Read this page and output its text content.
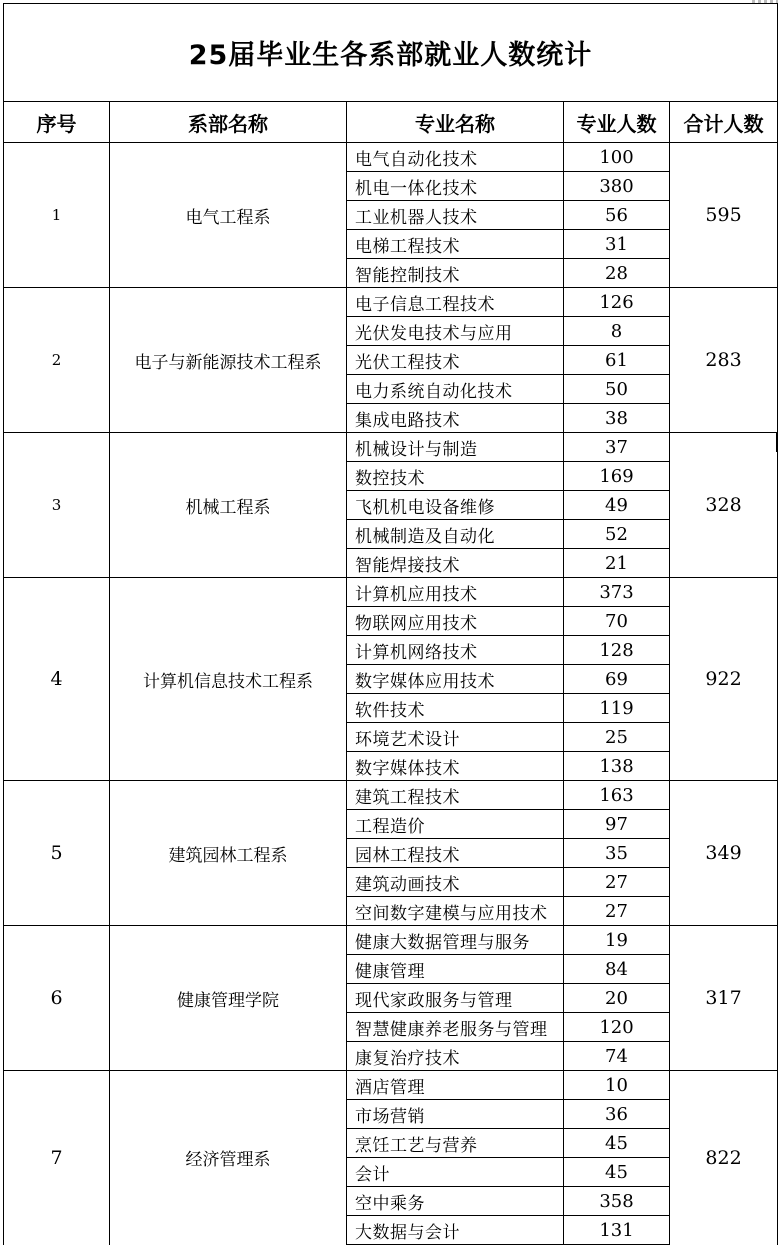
25届毕业生各系部就业人数统计				
序号	系部名称	专业名称	专业人数	合计人数
1	电气工程系	电气自动化技术	100	595
		机电一体化技术	380	
		工业机器人技术	56	
		电梯工程技术	31	
		智能控制技术	28	
2	电子与新能源技术工程系	电子信息工程技术	126	283
		光伏发电技术与应用	8	
		光伏工程技术	61	
		电力系统自动化技术	50	
		集成电路技术	38	
3	机械工程系	机械设计与制造	37	328
		数控技术	169	
		飞机机电设备维修	49	
		机械制造及自动化	52	
		智能焊接技术	21	
4	计算机信息技术工程系	计算机应用技术	373	922
		物联网应用技术	70	
		计算机网络技术	128	
		数字媒体应用技术	69	
		软件技术	119	
		环境艺术设计	25	
		数字媒体技术	138	
5	建筑园林工程系	建筑工程技术	163	349
		工程造价	97	
		园林工程技术	35	
		建筑动画技术	27	
		空间数字建模与应用技术	27	
6	健康管理学院	健康大数据管理与服务	19	317
		健康管理	84	
		现代家政服务与管理	20	
		智慧健康养老服务与管理	120	
		康复治疗技术	74	
7	经济管理系	酒店管理	10	822
		市场营销	36	
		烹饪工艺与营养	45	
		会计	45	
		空中乘务	358	
		大数据与会计	131	
